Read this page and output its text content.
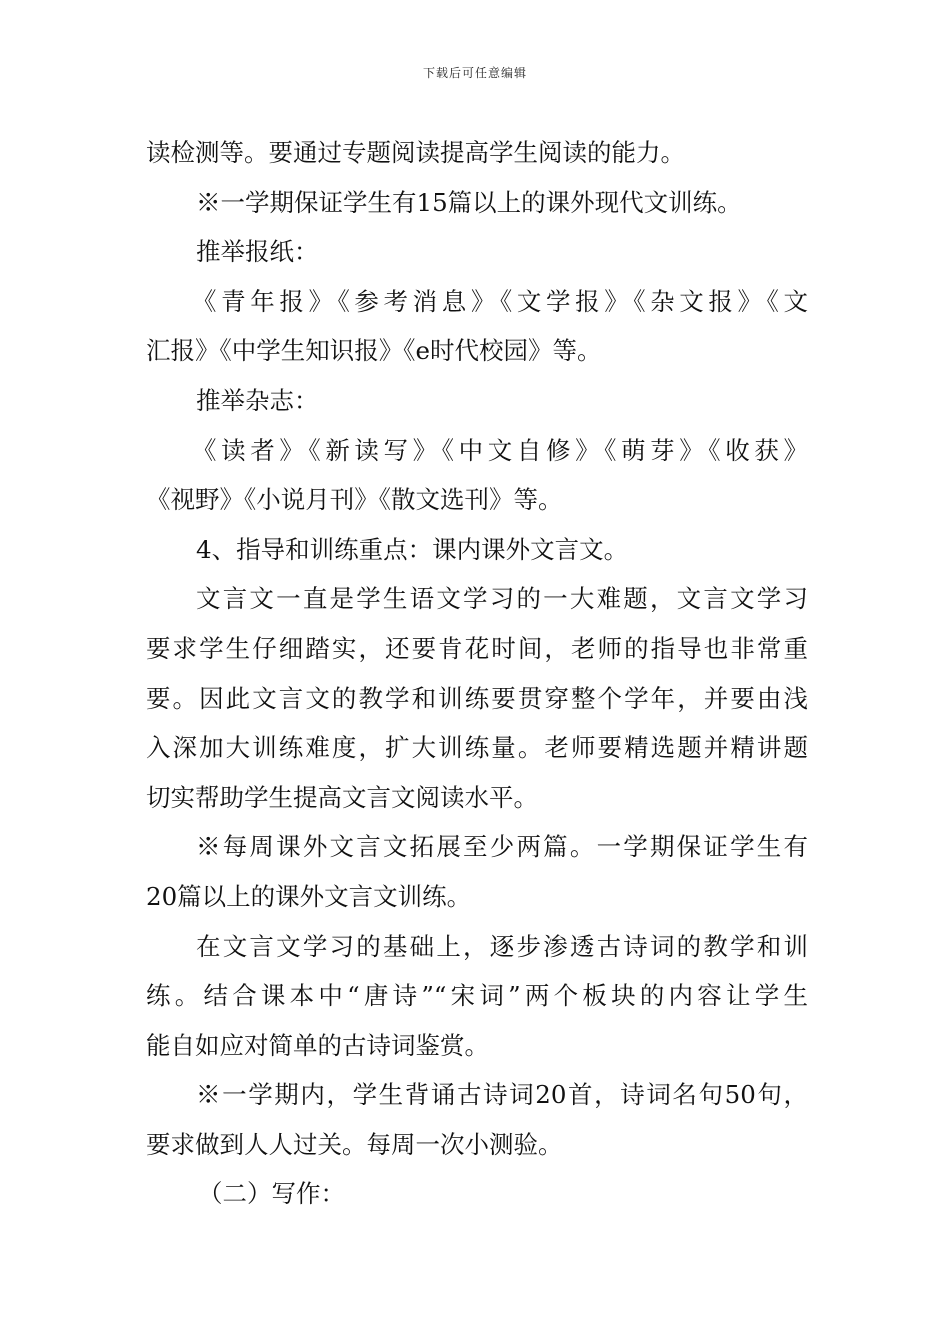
下载后可任意编辑
读检测等。要通过专题阅读提高学生阅读的能力。
※一学期保证学生有15篇以上的课外现代文训练。
推举报纸：
《青年报》《参考消息》《文学报》《杂文报》《文
汇报》《中学生知识报》《e时代校园》等。
推举杂志：
《读者》《新读写》《中文自修》《萌芽》《收获》
《视野》《小说月刊》《散文选刊》等。
4、指导和训练重点：课内课外文言文。
文言文一直是学生语文学习的一大难题，文言文学习
要求学生仔细踏实，还要肯花时间，老师的指导也非常重
要。因此文言文的教学和训练要贯穿整个学年，并要由浅
入深加大训练难度，扩大训练量。老师要精选题并精讲题
切实帮助学生提高文言文阅读水平。
※每周课外文言文拓展至少两篇。一学期保证学生有
20篇以上的课外文言文训练。
在文言文学习的基础上，逐步渗透古诗词的教学和训
练。结合课本中“唐诗”“宋词”两个板块的内容让学生
能自如应对简单的古诗词鉴赏。
※一学期内，学生背诵古诗词20首，诗词名句50句，
要求做到人人过关。每周一次小测验。
（二）写作：
